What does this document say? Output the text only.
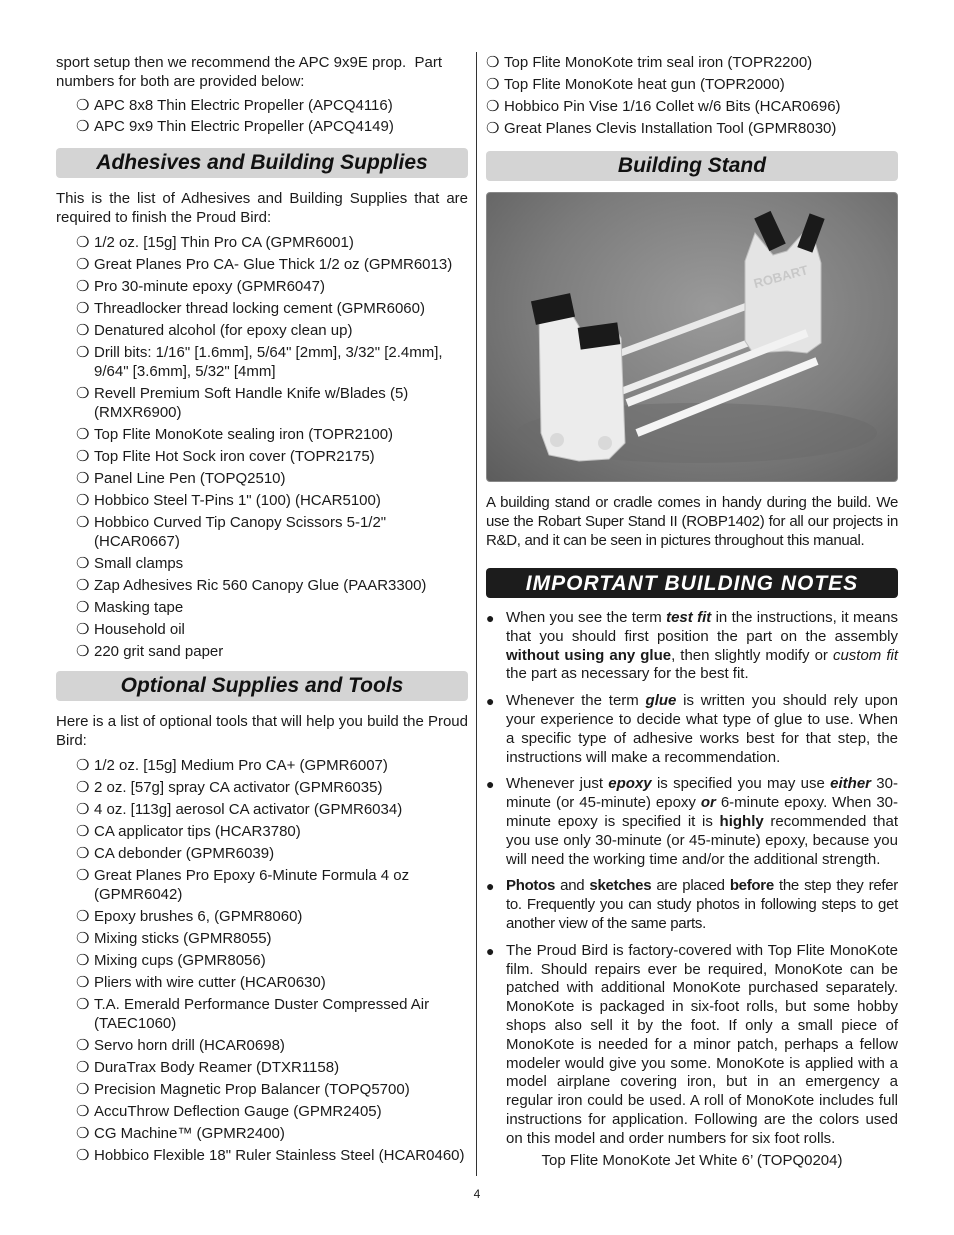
sport setup then we recommend the APC 9x9E prop.  Part

numbers for both are provided below:

❍ APC 8x8 Thin Electric Propeller (APCQ4116)
❍ APC 9x9 Thin Electric Propeller (APCQ4149)
Adhesives and Building Supplies

This is the list of Adhesives and Building Supplies that are required to finish the Proud Bird:

❍ 1/2 oz. [15g] Thin Pro CA (GPMR6001)
❍ Great Planes Pro CA- Glue Thick 1/2 oz (GPMR6013)
❍ Pro 30-minute epoxy (GPMR6047)
❍ Threadlocker thread locking cement (GPMR6060)
❍ Denatured alcohol (for epoxy clean up)
❍ Drill bits: 1/16" [1.6mm], 5/64" [2mm], 3/32" [2.4mm], 9/64" [3.6mm], 5/32" [4mm]
❍ Revell Premium Soft Handle Knife w/Blades (5) (RMXR6900)
❍ Top Flite MonoKote sealing iron (TOPR2100)
❍ Top Flite Hot Sock iron cover (TOPR2175)
❍ Panel Line Pen (TOPQ2510)
❍ Hobbico Steel T-Pins 1" (100) (HCAR5100)
❍ Hobbico Curved Tip Canopy Scissors 5-1/2" (HCAR0667)
❍ Small clamps
❍ Zap Adhesives Ric 560 Canopy Glue (PAAR3300)
❍ Masking tape
❍ Household oil
❍ 220 grit sand paper
Optional Supplies and Tools

Here is a list of optional tools that will help you build the Proud Bird:

❍ 1/2 oz. [15g] Medium Pro CA+ (GPMR6007)
❍ 2 oz. [57g] spray CA activator (GPMR6035)
❍ 4 oz. [113g] aerosol CA activator (GPMR6034)
❍ CA applicator tips (HCAR3780)
❍ CA debonder (GPMR6039)
❍ Great Planes Pro Epoxy 6-Minute Formula 4 oz (GPMR6042)
❍ Epoxy brushes 6, (GPMR8060)
❍ Mixing sticks (GPMR8055)
❍ Mixing cups (GPMR8056)
❍ Pliers with wire cutter (HCAR0630)
❍ T.A. Emerald Performance Duster Compressed Air (TAEC1060)
❍ Servo horn drill (HCAR0698)
❍ DuraTrax Body Reamer (DTXR1158)
❍ Precision Magnetic Prop Balancer (TOPQ5700)
❍ AccuThrow Deflection Gauge (GPMR2405)
❍ CG Machine™ (GPMR2400)
❍ Hobbico Flexible 18" Ruler Stainless Steel (HCAR0460)
❍ Top Flite MonoKote trim seal iron (TOPR2200)
❍ Top Flite MonoKote heat gun (TOPR2000)
❍ Hobbico Pin Vise 1/16 Collet w/6 Bits (HCAR0696)
❍ Great Planes Clevis Installation Tool (GPMR8030)
Building Stand

A building stand or cradle comes in handy during the build. We use the Robart Super Stand II (ROBP1402) for all our projects in R&D, and it can be seen in pictures throughout this manual.

IMPORTANT BUILDING NOTES
● When you see the term test fit in the instructions, it means that you should first position the part on the assembly without using any glue, then slightly modify or custom fit the part as necessary for the best fit.
● Whenever the term glue is written you should rely upon your experience to decide what type of glue to use. When a specific type of adhesive works best for that step, the instructions will make a recommendation.
● Whenever just epoxy is specified you may use either 30-minute (or 45-minute) epoxy or 6-minute epoxy. When 30-minute epoxy is specified it is highly recommended that you use only 30-minute (or 45-minute) epoxy, because you will need the working time and/or the additional strength.
● Photos and sketches are placed before the step they refer to. Frequently you can study photos in following steps to get another view of the same parts.
● The Proud Bird is factory-covered with Top Flite MonoKote film. Should repairs ever be required, MonoKote can be patched with additional MonoKote purchased separately. MonoKote is packaged in six-foot rolls, but some hobby shops also sell it by the foot. If only a small piece of MonoKote is needed for a minor patch, perhaps a fellow modeler would give you some. MonoKote is applied with a model airplane covering iron, but in an emergency a regular iron could be used. A roll of MonoKote includes full instructions for application. Following are the colors used on this model and order numbers for six foot rolls.

Top Flite MonoKote Jet White 6’ (TOPQ0204)

ROBART
4
